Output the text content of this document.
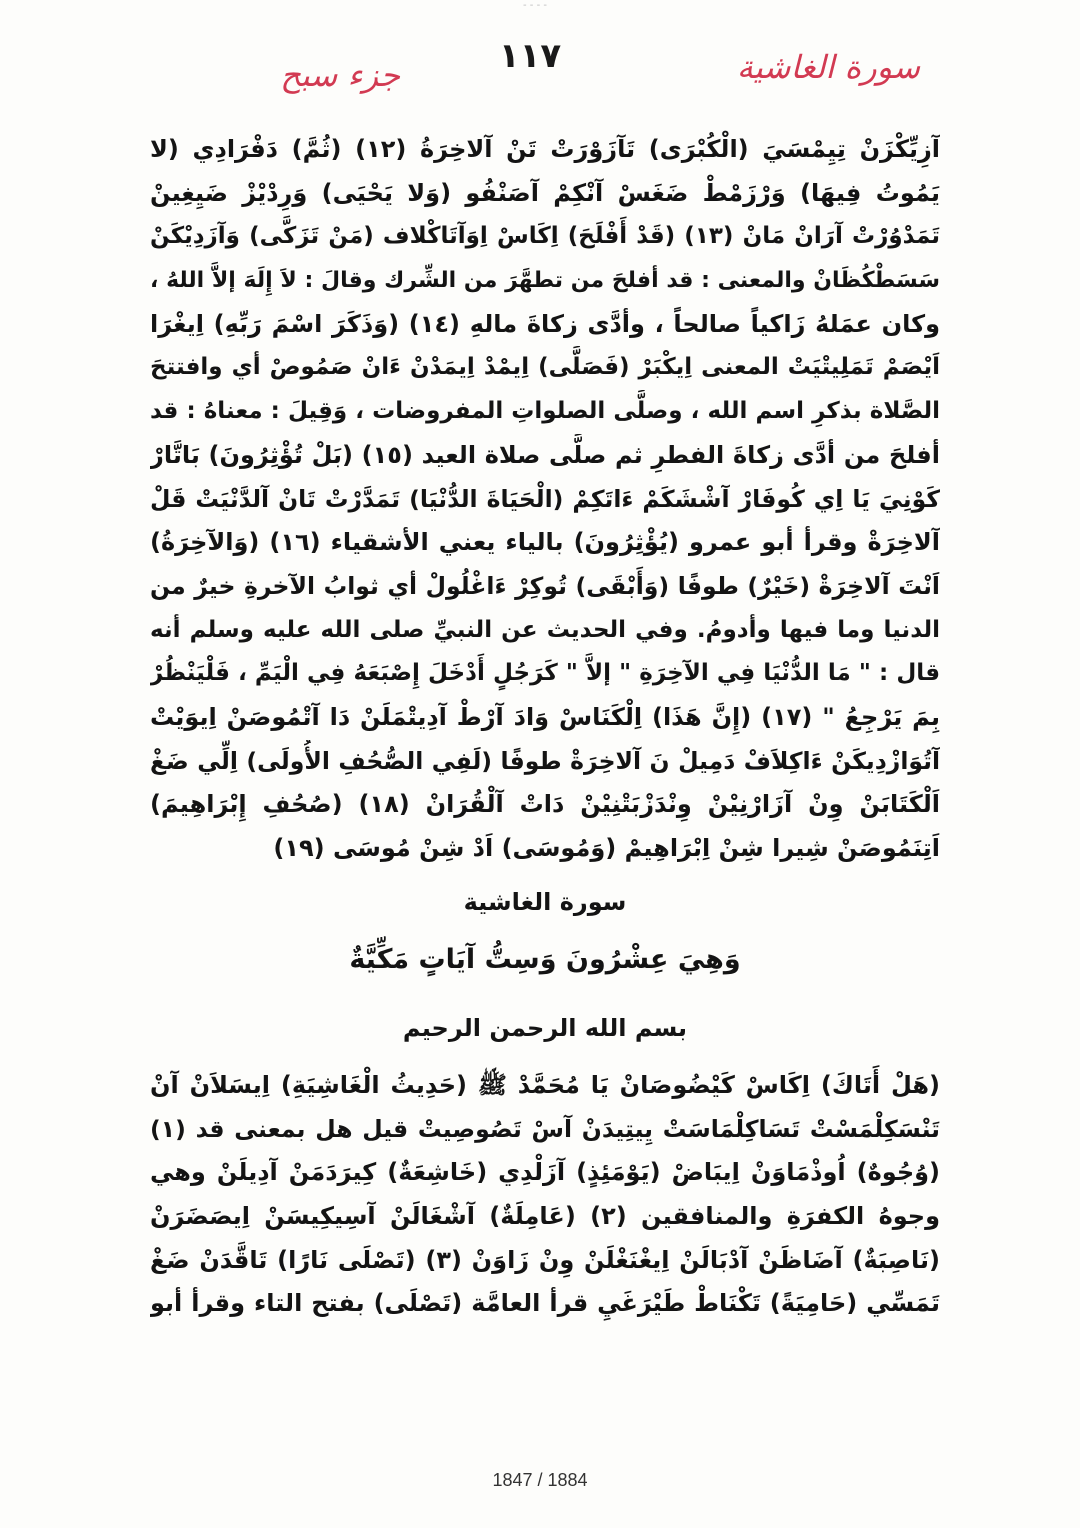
- - - -
١١٧	سورة الغاشية
جزء سبح
آزِيِّكْزَنْ تِيِمْسَيَ (الْكُبْرَى) تَآزَوْرَتْ تَنْ آلاخِرَةُ (١٢) (ثُمَّ) دَفْرَادِي (لا
يَمُوتُ فِيهَا) وَرْزَمْطْ ضَغَسْ آنْكِمْ آصَنْفُو (وَلا يَحْيَى) وَرِدْيْزْ ضَيِغِينْ
تَمَدْوُرْتْ آرَانْ مَانْ (١٣) (قَدْ أَفْلَحَ) اِكَاسْ اِوَآتَاكْلاف (مَنْ تَزَكَّى) وَآزَدِيْكَنْ
سَسَطْكُظَانْ والمعنى : قد أفلحَ من تطهَّرَ من الشِّرك وقالَ : لاَ إِلَهَ إلاَّ اللهُ ،
وكان عمَلهُ زَاكياً صالحاً ، وأدَّى زكاةَ مالهِ (١٤) (وَذَكَرَ اسْمَ رَبِّهِ) اِيغْرَا
اَيْصَمْ تَمَلِيتْيَتْ المعنى اِيكْبَرْ (فَصَلَّى) اِيمْدْ اِيمَدْنْ ءَانْ صَمُوصْ أي وافتتحَ
الصَّلاة بذكرِ اسم الله ، وصلَّى الصلواتِ المفروضات ، وَقِيلَ : معناهُ : قد
أفلحَ من أدَّى زكاةَ الفطرِ ثم صلَّى صلاة العيد (١٥) (بَلْ تُؤْثِرُونَ) بَاتَّارْ
كَوْنِيَ يَا اِي كُوفَارْ آشْشَكَمْ ءَاتَكِمْ (الْحَيَاةَ الدُّنْيَا) تَمَدَّرْتْ تَانْ آلدَّنْيَتْ قَلْ
آلاخِرَةْ وقرأ أبو عمرو (يُؤْثِرُونَ) بالياء يعني الأشقياء (١٦) (وَالآخِرَةُ)
اَنْتَ آلاخِرَةْ (خَيْرٌ) طوفًا (وَأَبْقَى) تُوكِرْ ءَاغْلُولْ أي ثوابُ الآخرةِ خيرٌ من
الدنيا وما فيها وأدومُ. وفي الحديث عن النبيِّ صلى الله عليه وسلم أنه
قال : " مَا الدُّنْيَا فِي الآخِرَةِ " إلاَّ " كَرَجُلٍ أَدْخَلَ إِصْبَعَهُ فِي الْيَمِّ ، فَلْيَنْظُرْ
بِمَ يَرْجِعُ " (١٧) (إِنَّ هَذَا) اِلْكَنَاسْ وَادَ آرْطْ آدِيتْمَلَنْ دَا آتْمُوصَنْ اِيوَيْتْ
آتُوَازْدِيكَنْ ءَاكِلاَفْ دَمِيلْ نَ آلاخِرَةْ طوفًا (لَفِي الصُّحُفِ الأُولَى) اِلِّي ضَغْ
اَلْكَتَابَنْ وِنْ آزَارْنِيْنْ وِنْدَزْبَتْنِيْنْ دَاتْ آلْقُرَانْ (١٨) (صُحُفِ إِبْرَاهِيمَ)
اَتِنَمُوصَنْ شِيرا شِنْ اِبْرَاهِيمْ (وَمُوسَى) اَدْ شِنْ مُوسَى (١٩)
سورة الغاشية
وَهِيَ عِشْرُونَ وَسِتُّ آيَاتٍ مَكِّيَّةٌ
بسم الله الرحمن الرحيم
(هَلْ أَتَاكَ) اِكَاسْ كَيْضُوصَانْ يَا مُحَمَّدْ ﷺ (حَدِيثُ الْغَاشِيَةِ) اِيسَلاَنْ آنْ
تَنْسَكِلْمَسْتْ تَسَاكِلْمَاسَتْ يِيتِيدَنْ آسْ تَصُوصِيتْ قيل هل بمعنى قد (١)
(وُجُوهٌ) اُوذْمَاوَنْ اِيبَاضْ (يَوْمَئِذٍ) آزَلْدِي (خَاشِعَةٌ) كِيرَدَمَنْ آدِيلَنْ وهي
وجوهُ الكفرَةِ والمنافقين (٢) (عَامِلَةٌ) آشْغَالَنْ آسِيكِيسَنْ اِيصَضَرَنْ
(نَاصِبَةٌ) آضَاظَنْ آدْبَالَنْ اِيغْنَغْلَنْ وِنْ زَاوَنْ (٣) (تَصْلَى نَارًا) تَاقَّدَنْ ضَغْ
تَمَسِّي (حَامِيَةً) تَكْنَاطْ طَيْرَغَيِ قرأ العامَّة (تَصْلَى) بفتح التاء وقرأ أبو
1847 / 1884
